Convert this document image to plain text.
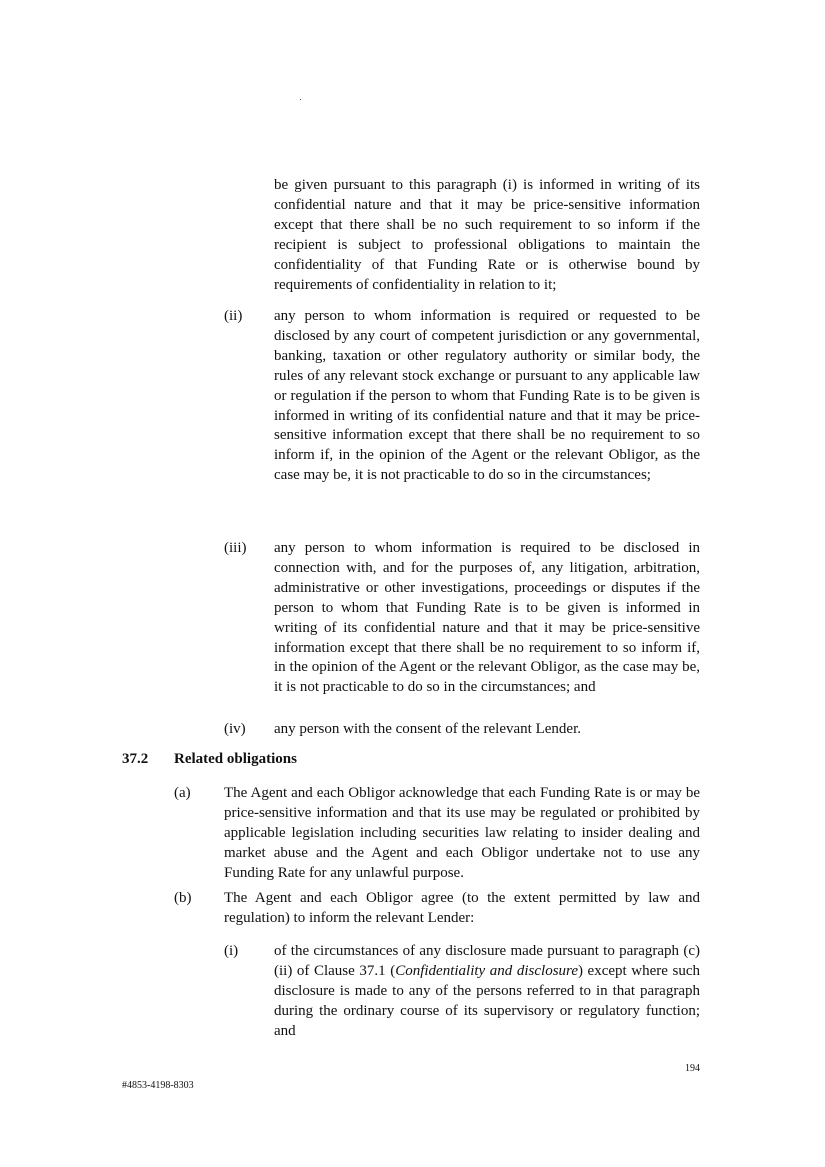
be given pursuant to this paragraph (i) is informed in writing of its confidential nature and that it may be price-sensitive information except that there shall be no such requirement to so inform if the recipient is subject to professional obligations to maintain the confidentiality of that Funding Rate or is otherwise bound by requirements of confidentiality in relation to it;

(ii) any person to whom information is required or requested to be disclosed by any court of competent jurisdiction or any governmental, banking, taxation or other regulatory authority or similar body, the rules of any relevant stock exchange or pursuant to any applicable law or regulation if the person to whom that Funding Rate is to be given is informed in writing of its confidential nature and that it may be price-sensitive information except that there shall be no requirement to so inform if, in the opinion of the Agent or the relevant Obligor, as the case may be, it is not practicable to do so in the circumstances;

(iii) any person to whom information is required to be disclosed in connection with, and for the purposes of, any litigation, arbitration, administrative or other investigations, proceedings or disputes if the person to whom that Funding Rate is to be given is informed in writing of its confidential nature and that it may be price-sensitive information except that there shall be no requirement to so inform if, in the opinion of the Agent or the relevant Obligor, as the case may be, it is not practicable to do so in the circumstances; and

(iv) any person with the consent of the relevant Lender.

37.2 Related obligations

(a) The Agent and each Obligor acknowledge that each Funding Rate is or may be price-sensitive information and that its use may be regulated or prohibited by applicable legislation including securities law relating to insider dealing and market abuse and the Agent and each Obligor undertake not to use any Funding Rate for any unlawful purpose.

(b) The Agent and each Obligor agree (to the extent permitted by law and regulation) to inform the relevant Lender:

(i) of the circumstances of any disclosure made pursuant to paragraph (c)(ii) of Clause 37.1 (Confidentiality and disclosure) except where such disclosure is made to any of the persons referred to in that paragraph during the ordinary course of its supervisory or regulatory function; and

194

#4853-4198-8303
